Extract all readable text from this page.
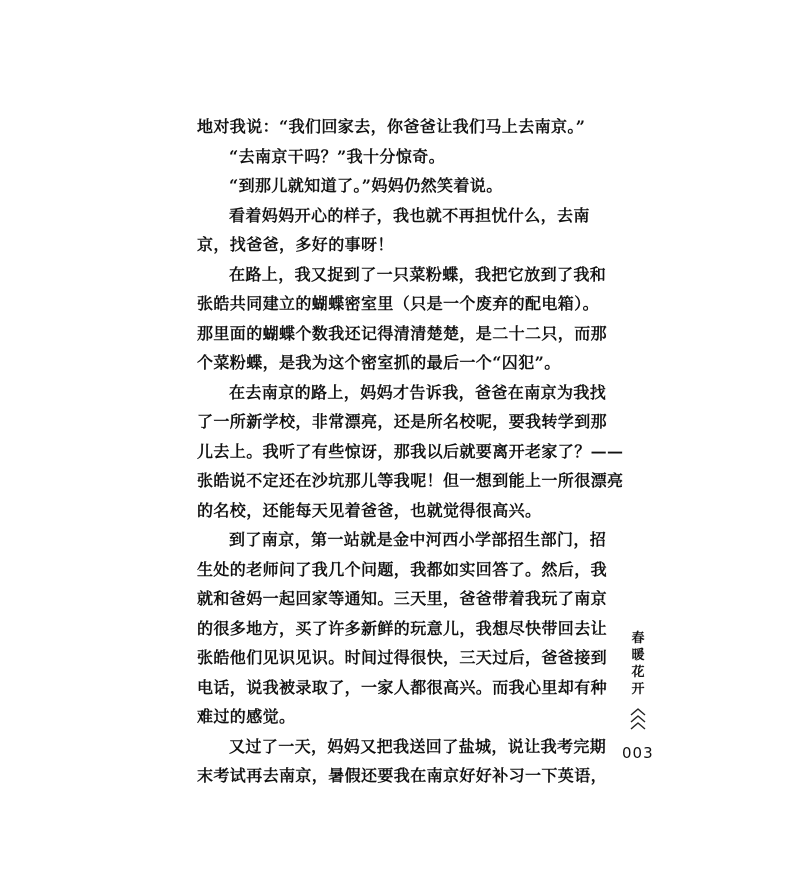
地对我说：“我们回家去，你爸爸让我们马上去南京。”
“去南京干吗？”我十分惊奇。
“到那儿就知道了。”妈妈仍然笑着说。
看着妈妈开心的样子，我也就不再担忧什么，去南
京，找爸爸，多好的事呀！
在路上，我又捉到了一只菜粉蝶，我把它放到了我和
张皓共同建立的蝴蝶密室里（只是一个废弃的配电箱）。
那里面的蝴蝶个数我还记得清清楚楚，是二十二只，而那
个菜粉蝶，是我为这个密室抓的最后一个“囚犯”。
在去南京的路上，妈妈才告诉我，爸爸在南京为我找
了一所新学校，非常漂亮，还是所名校呢，要我转学到那
儿去上。我听了有些惊讶，那我以后就要离开老家了？——
张皓说不定还在沙坑那儿等我呢！但一想到能上一所很漂亮
的名校，还能每天见着爸爸，也就觉得很高兴。
到了南京，第一站就是金中河西小学部招生部门，招
生处的老师问了我几个问题，我都如实回答了。然后，我
就和爸妈一起回家等通知。三天里，爸爸带着我玩了南京
的很多地方，买了许多新鲜的玩意儿，我想尽快带回去让
张皓他们见识见识。时间过得很快，三天过后，爸爸接到
电话，说我被录取了，一家人都很高兴。而我心里却有种
难过的感觉。
又过了一天，妈妈又把我送回了盐城，说让我考完期
末考试再去南京，暑假还要我在南京好好补习一下英语，
春
暖
花
开
003
